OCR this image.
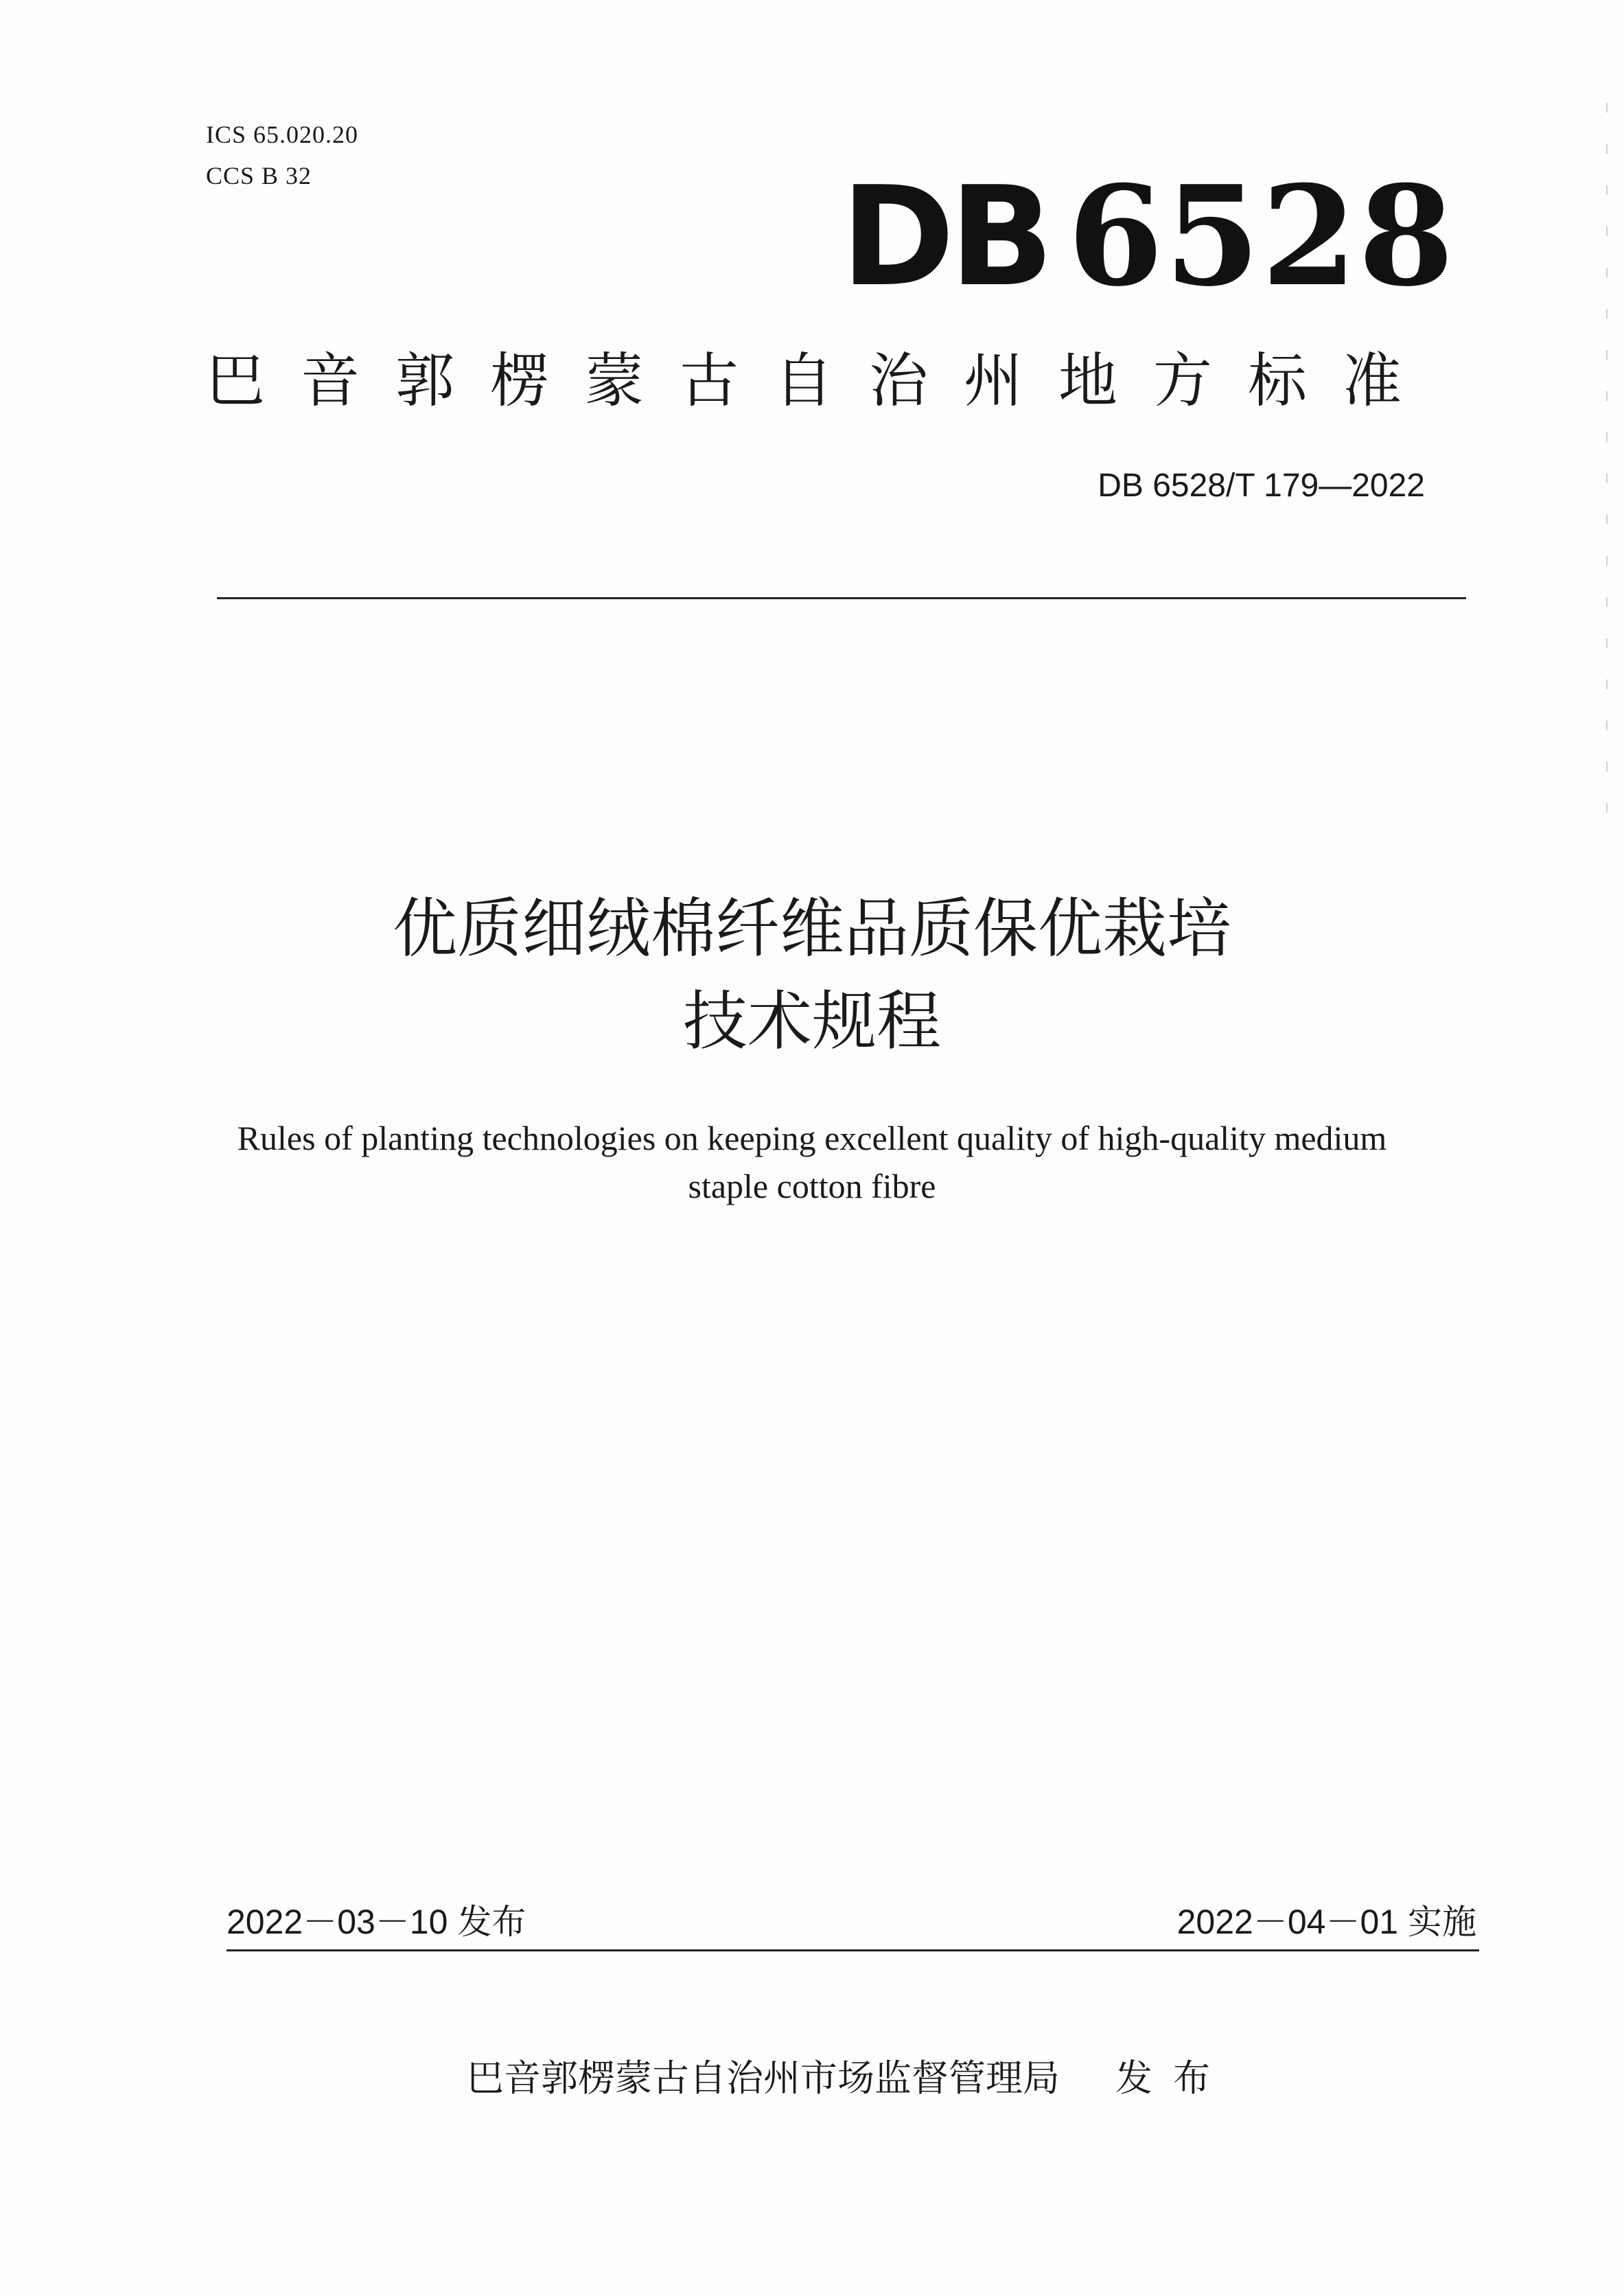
ICS 65.020.20
CCS B 32	DB 6528
巴音郭楞蒙古自治州地方标准
DB 6528/T 179—2022
优质细绒棉纤维品质保优栽培
技术规程
Rules of planting technologies on keeping excellent quality of high-quality medium
staple cotton fibre
2022－03－10 发布	2022－04－01 实施
巴音郭楞蒙古自治州市场监督管理局 发布
